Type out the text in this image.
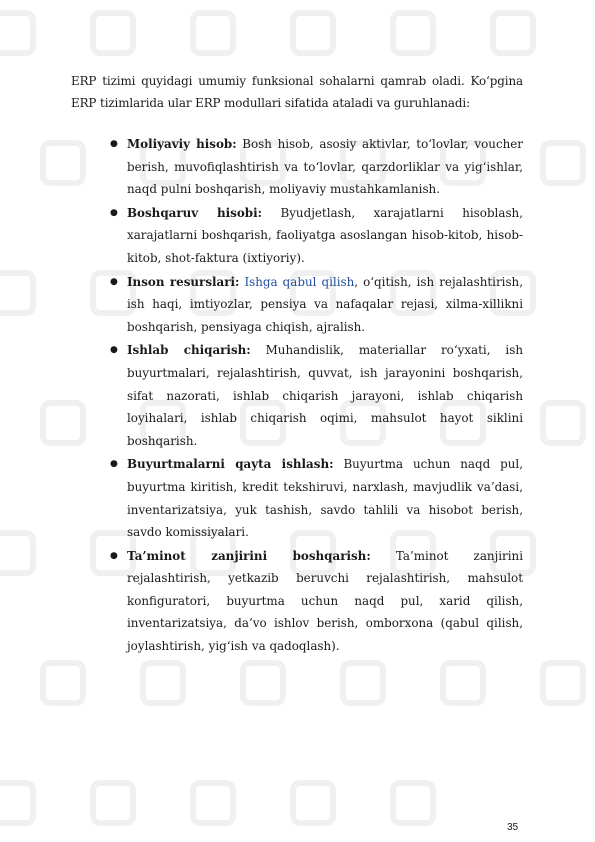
ERP tizimi quyidagi umumiy funksional sohalarni qamrab oladi. Ko‘pgina ERP tizimlarida ular ERP modullari sifatida ataladi va guruhlanadi:

● Moliyaviy hisob: Bosh hisob, asosiy aktivlar, to‘lovlar, voucher berish, muvofiqlashtirish va to‘lovlar, qarzdorliklar va yig‘ishlar, naqd pulni boshqarish, moliyaviy mustahkamlanish.
● Boshqaruv hisobi: Byudjetlash, xarajatlarni hisoblash, xarajatlarni boshqarish, faoliyatga asoslangan hisob-kitob, hisob-kitob, shot-faktura (ixtiyoriy).
● Inson resurslari: Ishga qabul qilish, o‘qitish, ish rejalashtirish, ish haqi, imtiyozlar, pensiya va nafaqalar rejasi, xilma-xillikni boshqarish, pensiyaga chiqish, ajralish.
● Ishlab chiqarish: Muhandislik, materiallar ro‘yxati, ish buyurtmalari, rejalashtirish, quvvat, ish jarayonini boshqarish, sifat nazorati, ishlab chiqarish jarayoni, ishlab chiqarish loyihalari, ishlab chiqarish oqimi, mahsulot hayot siklini boshqarish.
● Buyurtmalarni qayta ishlash: Buyurtma uchun naqd pul, buyurtma kiritish, kredit tekshiruvi, narxlash, mavjudlik va’dasi, inventarizatsiya, yuk tashish, savdo tahlili va hisobot berish, savdo komissiyalari.
● Ta’minot zanjirini boshqarish: Ta’minot zanjirini rejalashtirish, yetkazib beruvchi rejalashtirish, mahsulot konfiguratori, buyurtma uchun naqd pul, xarid qilish, inventarizatsiya, da’vo ishlov berish, omborxona (qabul qilish, joylashtirish, yig‘ish va qadoqlash).
35
